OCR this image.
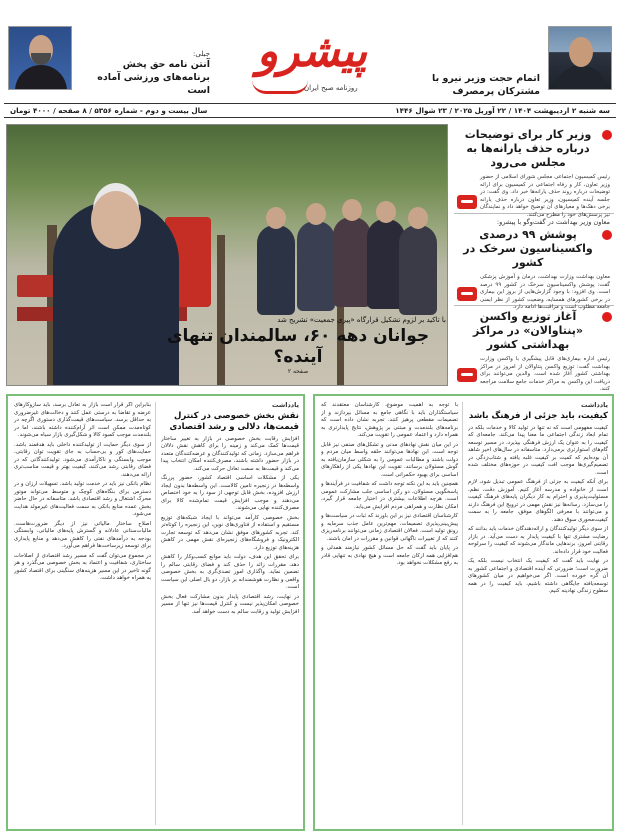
اتمام حجت وزیر نیرو با مشترکان پرمصرف
پیشرو
روزنامه صبح ایران
جبلی:
آنتن نامه حق پخش برنامه‌های ورزشی آماده است
سه شنبه ۲ اردیبهشت ۱۴۰۴ / ۲۲ آوریل ۲۰۲۵ / ۲۳ شوال ۱۴۴۶
سال بیست و دوم - شماره ۵۳۵۶ / ۸ صفحه / ۴۰۰۰ تومان
وزیر کار برای توضیحات درباره حذف یارانه‌ها به مجلس می‌رود
رئیس کمیسیون اجتماعی مجلس شورای اسلامی از حضور وزیر تعاون، کار و رفاه اجتماعی در کمیسیون برای ارائه توضیحات درباره روند حذف یارانه‌ها خبر داد. وی گفت: در جلسه آینده کمیسیون، وزیر تعاون درباره حذف یارانه برخی دهک‌ها و معیارهای آن توضیح خواهد داد و نمایندگان نیز پرسش‌های خود را مطرح می‌کنند.
معاون وزیر بهداشت در گفت‌وگو با پیشرو:
پوشش ۹۹ درصدی واکسیناسیون سرخک در کشور
معاون بهداشت وزارت بهداشت، درمان و آموزش پزشکی گفت: پوشش واکسیناسیون سرخک در کشور ۹۹ درصد است. وی افزود: با وجود گزارش‌هایی از بروز این بیماری در برخی کشورهای همسایه، وضعیت کشور از نظر ایمنی جامعه مطلوب است و مراقبت‌ها ادامه دارد.
آغاز توزیع واکسن «پنتاوالان» در مراکز بهداشتی کشور
رئیس اداره بیماری‌های قابل پیشگیری با واکسن وزارت بهداشت گفت: توزیع واکسن پنتاوالان از امروز در مراکز بهداشتی کشور آغاز شده است. والدین می‌توانند برای دریافت این واکسن به مراکز خدمات جامع سلامت مراجعه کنند.
با تاکید بر لزوم تشکیل قرارگاه «پیری جمعیت» تشریح شد
جوانان دهه ۶۰، سالمندان تنهای آینده؟
صفحه ۲
یادداشت
کیفیت، باید جزئی از فرهنگ باشد

کیفیت مفهومی است که نه تنها در تولید کالا و خدمات بلکه در تمام ابعاد زندگی اجتماعی ما معنا پیدا می‌کند. جامعه‌ای که کیفیت را به عنوان یک ارزش فرهنگی بپذیرد، در مسیر توسعه گام‌های استوارتری برمی‌دارد. متاسفانه در سال‌های اخیر شاهد آن بوده‌ایم که کمیت بر کیفیت غلبه یافته و شتاب‌زدگی در تصمیم‌گیری‌ها موجب افت کیفیت در حوزه‌های مختلف شده است.

برای آنکه کیفیت به جزئی از فرهنگ عمومی تبدیل شود، لازم است از خانواده و مدرسه آغاز کنیم. آموزش دقت، نظم، مسئولیت‌پذیری و احترام به کار دیگران پایه‌های فرهنگ کیفیت را می‌سازد. رسانه‌ها نیز نقش مهمی در ترویج این فرهنگ دارند و می‌توانند با معرفی الگوهای موفق، جامعه را به سمت کیفیت‌محوری سوق دهند.

از سوی دیگر تولیدکنندگان و ارائه‌دهندگان خدمات باید بدانند که رضایت مشتری تنها با کیفیت پایدار به دست می‌آید. در بازار رقابتی امروز، برندهایی ماندگار می‌شوند که کیفیت را سرلوحه فعالیت خود قرار داده‌اند.

در نهایت باید گفت که کیفیت یک انتخاب نیست بلکه یک ضرورت است؛ ضرورتی که آینده اقتصادی و اجتماعی کشور به آن گره خورده است. اگر می‌خواهیم در میان کشورهای توسعه‌یافته جایگاهی داشته باشیم، باید کیفیت را در همه سطوح زندگی نهادینه کنیم.

با توجه به اهمیت موضوع، کارشناسان معتقدند که سیاستگذاران باید با نگاهی جامع به مسائل بپردازند و از تصمیمات مقطعی پرهیز کنند. تجربه نشان داده است که برنامه‌های بلندمدت و مبتنی بر پژوهش، نتایج پایدارتری به همراه دارد و اعتماد عمومی را تقویت می‌کند.

در این میان نقش نهادهای مدنی و تشکل‌های صنفی نیز قابل توجه است. این نهادها می‌توانند حلقه واسط میان مردم و دولت باشند و مطالبات عمومی را به شکلی سازمان‌یافته به گوش مسئولان برسانند. تقویت این نهادها یکی از راهکارهای اساسی برای بهبود حکمرانی است.

همچنین باید به این نکته توجه داشت که شفافیت در فرآیندها و پاسخگویی مسئولان، دو رکن اساسی جلب مشارکت عمومی است. هرچه اطلاعات بیشتری در اختیار جامعه قرار گیرد، امکان نظارت و همراهی مردم افزایش می‌یابد.

کارشناسان اقتصادی نیز بر این باورند که ثبات در سیاست‌ها و پیش‌بینی‌پذیری تصمیمات، مهم‌ترین عامل جذب سرمایه و رونق تولید است. فعالان اقتصادی زمانی می‌توانند برنامه‌ریزی کنند که از تغییرات ناگهانی قوانین و مقررات در امان باشند.

در پایان باید گفت که حل مسائل کشور نیازمند همدلی و هم‌افزایی همه ارکان جامعه است و هیچ نهادی به تنهایی قادر به رفع مشکلات نخواهد بود.

یادداشت
نقش بخش خصوصی در کنترل قیمت‌ها، دلالی و رشد اقتصادی

افزایش رقابت بخش خصوصی در بازار به تغییر ساختار قیمت‌ها کمک می‌کند و زمینه را برای کاهش نقش دلالان فراهم می‌سازد. زمانی که تولیدکنندگان و عرضه‌کنندگان متعدد در بازار حضور داشته باشند، مصرف‌کننده امکان انتخاب پیدا می‌کند و قیمت‌ها به سمت تعادل حرکت می‌کند.

یکی از مشکلات اساسی اقتصاد کشور، حضور پررنگ واسطه‌ها در زنجیره تامین کالاست. این واسطه‌ها بدون ایجاد ارزش افزوده، بخش قابل توجهی از سود را به خود اختصاص می‌دهند و موجب افزایش قیمت تمام‌شده کالا برای مصرف‌کننده نهایی می‌شوند.

بخش خصوصی کارآمد می‌تواند با ایجاد شبکه‌های توزیع مستقیم و استفاده از فناوری‌های نوین، این زنجیره را کوتاه‌تر کند. تجربه کشورهای موفق نشان می‌دهد که توسعه تجارت الکترونیک و فروشگاه‌های زنجیره‌ای نقش مهمی در کاهش هزینه‌های توزیع دارد.

برای تحقق این هدف، دولت باید موانع کسب‌وکار را کاهش دهد، مقررات زائد را حذف کند و فضای رقابتی سالم را تضمین نماید. واگذاری امور تصدی‌گری به بخش خصوصی واقعی و نظارت هوشمندانه بر بازار، دو بال اصلی این سیاست است.

در نهایت، رشد اقتصادی پایدار بدون مشارکت فعال بخش خصوصی امکان‌پذیر نیست و کنترل قیمت‌ها نیز تنها از مسیر افزایش تولید و رقابت سالم به دست خواهد آمد.

بنابراین اگر قرار است بازار به تعادل برسد، باید سازوکارهای عرضه و تقاضا به درستی عمل کنند و دخالت‌های غیرضروری به حداقل برسد. سیاست‌های قیمت‌گذاری دستوری اگرچه در کوتاه‌مدت ممکن است اثر آرام‌کننده داشته باشند، اما در بلندمدت موجب کمبود کالا و شکل‌گیری بازار سیاه می‌شوند.

از سوی دیگر حمایت از تولیدکننده داخلی باید هدفمند باشد. حمایت‌های کور و بی‌حساب به جای تقویت توان رقابتی، موجب وابستگی و ناکارآمدی می‌شود. تولیدکنندگانی که در فضای رقابتی رشد می‌کنند، کیفیت بهتر و قیمت مناسب‌تری ارائه می‌دهند.

نظام بانکی نیز باید در خدمت تولید باشد. تسهیلات ارزان و در دسترس برای بنگاه‌های کوچک و متوسط می‌تواند موتور محرک اشتغال و رشد اقتصادی باشد. متاسفانه در حال حاضر بخش عمده منابع بانکی به سمت فعالیت‌های غیرمولد هدایت می‌شود.

اصلاح ساختار مالیاتی نیز از دیگر ضرورت‌هاست. مالیات‌ستانی عادلانه و گسترش پایه‌های مالیاتی، وابستگی بودجه به درآمدهای نفتی را کاهش می‌دهد و منابع پایداری برای توسعه زیرساخت‌ها فراهم می‌آورد.

در مجموع می‌توان گفت که مسیر رشد اقتصادی از اصلاحات ساختاری، شفافیت و اعتماد به بخش خصوصی می‌گذرد و هر گونه تاخیر در این مسیر هزینه‌های سنگینی برای اقتصاد کشور به همراه خواهد داشت.
